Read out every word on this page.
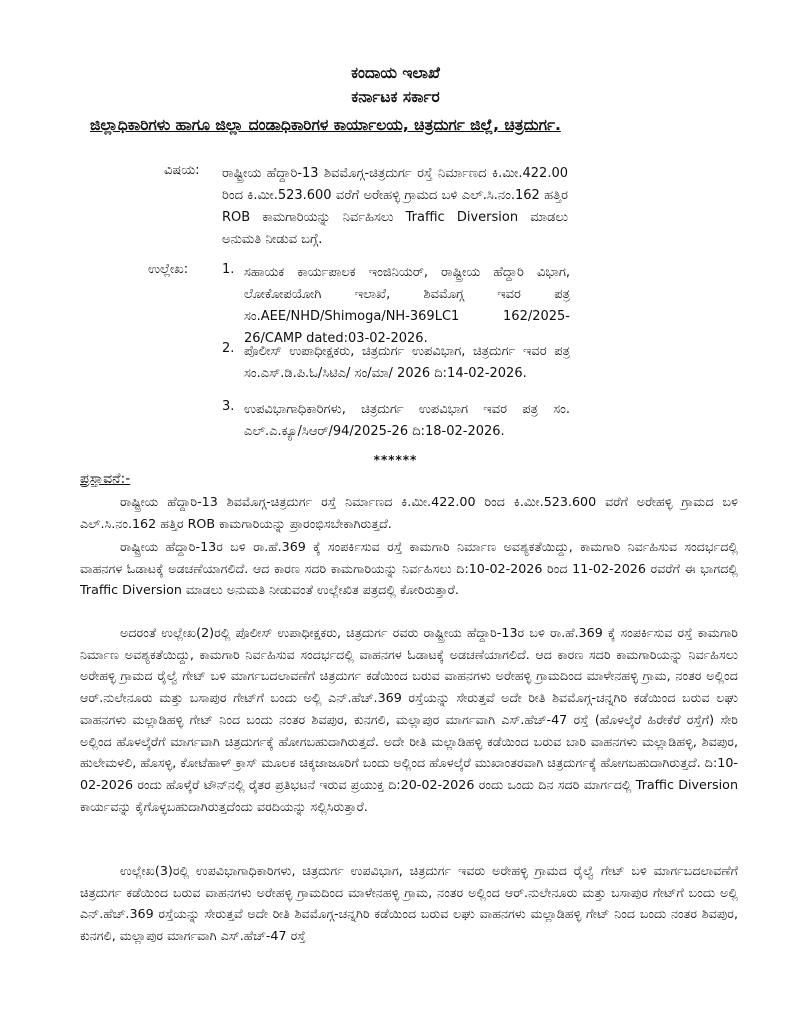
ಕಂದಾಯ ಇಲಾಖೆ
ಕರ್ನಾಟಕ ಸರ್ಕಾರ
ಜಿಲ್ಲಾಧಿಕಾರಿಗಳು ಹಾಗೂ ಜಿಲ್ಲಾ ದಂಡಾಧಿಕಾರಿಗಳ ಕಾರ್ಯಾಲಯ, ಚಿತ್ರದುರ್ಗ ಜಿಲ್ಲೆ, ಚಿತ್ರದುರ್ಗ.
ವಿಷಯ: ರಾಷ್ಟ್ರೀಯ ಹೆದ್ದಾರಿ-13 ಶಿವಮೊಗ್ಗ-ಚಿತ್ರದುರ್ಗ ರಸ್ತೆ ನಿರ್ಮಾಣದ ಕಿ.ಮೀ.422.00 ರಿಂದ ಕಿ.ಮೀ.523.600 ವರೆಗೆ ಅರೇಹಳ್ಳಿ ಗ್ರಾಮದ ಬಳಿ ಎಲ್.ಸಿ.ನಂ.162 ಹತ್ತಿರ ROB ಕಾಮಗಾರಿಯನ್ನು ನಿರ್ವಹಿಸಲು Traffic Diversion ಮಾಡಲು ಅನುಮತಿ ನೀಡುವ ಬಗ್ಗೆ.
ಉಲ್ಲೇಖ:	1. ಸಹಾಯಕ ಕಾರ್ಯಪಾಲಕ ಇಂಜಿನಿಯರ್, ರಾಷ್ಟ್ರೀಯ ಹೆದ್ದಾರಿ ವಿಭಾಗ, ಲೋಕೋಪಯೋಗಿ ಇಲಾಖೆ, ಶಿವಮೊಗ್ಗ ಇವರ ಪತ್ರ ಸಂ.AEE/NHD/Shimoga/NH-369LC1 162/2025-26/CAMP dated:03-02-2026.
2. ಪೊಲೀಸ್ ಉಪಾಧೀಕ್ಷಕರು, ಚಿತ್ರದುರ್ಗ ಉಪವಿಭಾಗ, ಚಿತ್ರದುರ್ಗ ಇವರ ಪತ್ರ ಸಂ.ಎಸ್.ಡಿ.ಪಿ.ಓ/ಸಿಟಿಎ/ ಸಂ/ಮಾ/ 2026 ದಿ:14-02-2026.
3. ಉಪವಿಭಾಗಾಧಿಕಾರಿಗಳು, ಚಿತ್ರದುರ್ಗ ಉಪವಿಭಾಗ ಇವರ ಪತ್ರ ಸಂ. ಎಲ್.ಎ.ಕ್ಯೂ/ಸಿಆರ್/94/2025-26 ದಿ:18-02-2026.
******
ಪ್ರಸ್ತಾವನೆ:-
ರಾಷ್ಟ್ರೀಯ ಹೆದ್ದಾರಿ-13 ಶಿವಮೊಗ್ಗ-ಚಿತ್ರದುರ್ಗ ರಸ್ತೆ ನಿರ್ಮಾಣದ ಕಿ.ಮೀ.422.00 ರಿಂದ ಕಿ.ಮೀ.523.600 ವರೆಗೆ ಅರೇಹಳ್ಳಿ ಗ್ರಾಮದ ಬಳಿ ಎಲ್.ಸಿ.ನಂ.162 ಹತ್ತಿರ ROB ಕಾಮಗಾರಿಯನ್ನು ಪ್ರಾರಂಭಿಸಬೇಕಾಗಿರುತ್ತದೆ.
ರಾಷ್ಟ್ರೀಯ ಹೆದ್ದಾರಿ-13ರ ಬಳಿ ರಾ.ಹೆ.369 ಕ್ಕೆ ಸಂಪರ್ಕಿಸುವ ರಸ್ತೆ ಕಾಮಗಾರಿ ನಿರ್ಮಾಣ ಅವಶ್ಯಕತೆಯಿದ್ದು, ಕಾಮಗಾರಿ ನಿರ್ವಹಿಸುವ ಸಂದರ್ಭದಲ್ಲಿ ವಾಹನಗಳ ಓಡಾಟಕ್ಕೆ ಅಡಚಣೆಯಾಗಲಿದೆ. ಆದ ಕಾರಣ ಸದರಿ ಕಾಮಗಾರಿಯನ್ನು ನಿರ್ವಹಿಸಲು ದಿ:10-02-2026 ರಿಂದ 11-02-2026 ರವರೆಗೆ ಈ ಭಾಗದಲ್ಲಿ Traffic Diversion ಮಾಡಲು ಅನುಮತಿ ನೀಡುವಂತೆ ಉಲ್ಲೇಖಿತ ಪತ್ರದಲ್ಲಿ ಕೋರಿರುತ್ತಾರೆ.
ಅದರಂತೆ ಉಲ್ಲೇಖ(2)ರಲ್ಲಿ ಪೊಲೀಸ್ ಉಪಾಧೀಕ್ಷಕರು, ಚಿತ್ರದುರ್ಗ ರವರು ರಾಷ್ಟ್ರೀಯ ಹೆದ್ದಾರಿ-13ರ ಬಳಿ ರಾ.ಹೆ.369 ಕ್ಕೆ ಸಂಪರ್ಕಿಸುವ ರಸ್ತೆ ಕಾಮಗಾರಿ ನಿರ್ಮಾಣ ಅವಶ್ಯಕತೆಯಿದ್ದು, ಕಾಮಗಾರಿ ನಿರ್ವಹಿಸುವ ಸಂದರ್ಭದಲ್ಲಿ ವಾಹನಗಳ ಓಡಾಟಕ್ಕೆ ಅಡಚಣೆಯಾಗಲಿದೆ. ಆದ ಕಾರಣ ಸದರಿ ಕಾಮಗಾರಿಯನ್ನು ನಿರ್ವಹಿಸಲು ಅರೇಹಳ್ಳಿ ಗ್ರಾಮದ ರೈಲ್ವೆ ಗೇಟ್ ಬಳಿ ಮಾರ್ಗಬದಲಾವಣೆಗೆ ಚಿತ್ರದುರ್ಗ ಕಡೆಯಿಂದ ಬರುವ ವಾಹನಗಳು ಅರೇಹಳ್ಳಿ ಗ್ರಾಮದಿಂದ ಮಾಳೇನಹಳ್ಳಿ ಗ್ರಾಮ, ನಂತರ ಅಲ್ಲಿಂದ ಆರ್.ನುಲೇನೂರು ಮತ್ತು ಬಸಾಪುರ ಗೇಟ್‌ಗೆ ಬಂದು ಅಲ್ಲಿ ಎನ್.ಹೆಚ್.369 ರಸ್ತೆಯನ್ನು ಸೇರುತ್ತವೆ ಅದೇ ರೀತಿ ಶಿವಮೊಗ್ಗ-ಚನ್ನಗಿರಿ ಕಡೆಯಿಂದ ಬರುವ ಲಘು ವಾಹನಗಳು ಮಲ್ಲಾಡಿಹಳ್ಳಿ ಗೇಟ್ ನಿಂದ ಬಂದು ನಂತರ ಶಿವಪುರ, ಕುನಗಲಿ, ಮಲ್ಲಾಪುರ ಮಾರ್ಗವಾಗಿ ಎಸ್.ಹೆಚ್-47 ರಸ್ತೆ (ಹೊಳಲ್ಕೆರೆ ಹಿರೇಕೆರೆ ರಸ್ತೆಗೆ) ಸೇರಿ ಅಲ್ಲಿಂದ ಹೊಳಲ್ಕೆರೆಗೆ ಮಾರ್ಗವಾಗಿ ಚಿತ್ರದುರ್ಗಕ್ಕೆ ಹೋಗಬಹುದಾಗಿರುತ್ತದೆ. ಅದೇ ರೀತಿ ಮಲ್ಲಾಡಿಹಳ್ಳಿ ಕಡೆಯಿಂದ ಬರುವ ಬಾರಿ ವಾಹನಗಳು ಮಲ್ಲಾಡಿಹಳ್ಳಿ, ಶಿವಪುರ, ಹುಲೇಮಳಲಿ, ಹೊಸಳ್ಳಿ, ಕೋಟೆಹಾಳ್ ಕ್ರಾಸ್ ಮೂಲಕ ಚಿಕ್ಕಜಾಜೂರಿಗೆ ಬಂದು ಅಲ್ಲಿಂದ ಹೊಳಲ್ಕೆರೆ ಮುಖಾಂತರವಾಗಿ ಚಿತ್ರದುರ್ಗಕ್ಕೆ ಹೋಗಬಹುದಾಗಿರುತ್ತದೆ. ದಿ:10-02-2026 ರಂದು ಹೊಳ್ಕೆರೆ ಟೌನ್‌ನಲ್ಲಿ ರೈತರ ಪ್ರತಿಭಟನೆ ಇರುವ ಪ್ರಯುಕ್ತ ದಿ:20-02-2026 ರಂದು ಒಂದು ದಿನ ಸದರಿ ಮಾರ್ಗದಲ್ಲಿ Traffic Diversion ಕಾರ್ಯವನ್ನು ಕೈಗೊಳ್ಳಬಹುದಾಗಿರುತ್ತದೆಂದು ವರದಿಯನ್ನು ಸಲ್ಲಿಸಿರುತ್ತಾರೆ.
ಉಲ್ಲೇಖ(3)ರಲ್ಲಿ ಉಪವಿಭಾಗಾಧಿಕಾರಿಗಳು, ಚಿತ್ರದುರ್ಗ ಉಪವಿಭಾಗ, ಚಿತ್ರದುರ್ಗ ಇವರು ಅರೇಹಳ್ಳಿ ಗ್ರಾಮದ ರೈಲ್ವೆ ಗೇಟ್ ಬಳಿ ಮಾರ್ಗಬದಲಾವಣೆಗೆ ಚಿತ್ರದುರ್ಗ ಕಡೆಯಿಂದ ಬರುವ ವಾಹನಗಳು ಅರೇಹಳ್ಳಿ ಗ್ರಾಮದಿಂದ ಮಾಳೇನಹಳ್ಳಿ ಗ್ರಾಮ, ನಂತರ ಅಲ್ಲಿಂದ ಆರ್.ನುಲೇನೂರು ಮತ್ತು ಬಸಾಪುರ ಗೇಟ್‌ಗೆ ಬಂದು ಅಲ್ಲಿ ಎನ್.ಹೆಚ್.369 ರಸ್ತೆಯನ್ನು ಸೇರುತ್ತವೆ ಅದೇ ರೀತಿ ಶಿವಮೊಗ್ಗ-ಚನ್ನಗಿರಿ ಕಡೆಯಿಂದ ಬರುವ ಲಘು ವಾಹನಗಳು ಮಲ್ಲಾಡಿಹಳ್ಳಿ ಗೇಟ್ ನಿಂದ ಬಂದು ನಂತರ ಶಿವಪುರ, ಕುನಗಲಿ, ಮಲ್ಲಾಪುರ ಮಾರ್ಗವಾಗಿ ಎಸ್.ಹೆಚ್-47 ರಸ್ತೆ
